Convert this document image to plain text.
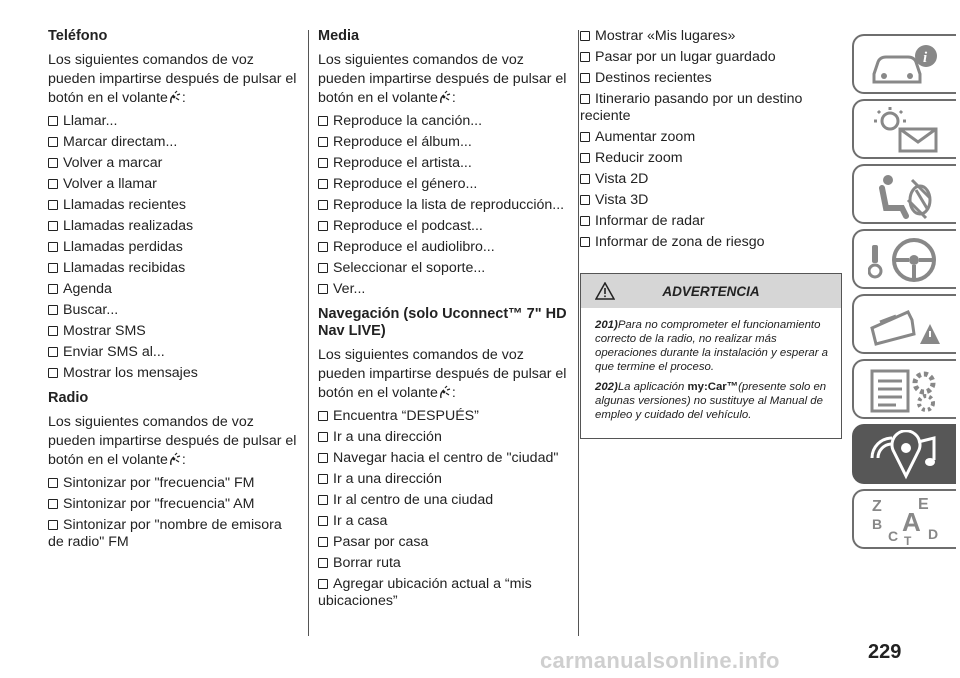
Teléfono

Los siguientes comandos de voz pueden impartirse después de pulsar el botón en el volante :

Llamar...
Marcar directam...
Volver a marcar
Volver a llamar
Llamadas recientes
Llamadas realizadas
Llamadas perdidas
Llamadas recibidas
Agenda
Buscar...
Mostrar SMS
Enviar SMS al...
Mostrar los mensajes
Radio

Los siguientes comandos de voz pueden impartirse después de pulsar el botón en el volante :

Sintonizar por "frecuencia" FM
Sintonizar por "frecuencia" AM
Sintonizar por "nombre de emisora de radio" FM
Media

Los siguientes comandos de voz pueden impartirse después de pulsar el botón en el volante :

Reproduce la canción...
Reproduce el álbum...
Reproduce el artista...
Reproduce el género...
Reproduce la lista de reproducción...
Reproduce el podcast...
Reproduce el audiolibro...
Seleccionar el soporte...
Ver...
Navegación (solo Uconnect™ 7" HD Nav LIVE)

Los siguientes comandos de voz pueden impartirse después de pulsar el botón en el volante :

Encuentra “DESPUÉS”
Ir a una dirección
Navegar hacia el centro de "ciudad"
Ir a una dirección
Ir al centro de una ciudad
Ir a casa
Pasar por casa
Borrar ruta
Agregar ubicación actual a “mis ubicaciones”
Mostrar «Mis lugares»
Pasar por un lugar guardado
Destinos recientes
Itinerario pasando por un destino reciente
Aumentar zoom
Reducir zoom
Vista 2D
Vista 3D
Informar de radar
Informar de zona de riesgo
ADVERTENCIA

201)Para no comprometer el funcionamiento correcto de la radio, no realizar más operaciones durante la instalación y esperar a que termine el proceso.

202)La aplicación my:Car™(presente solo en algunas versiones) no sustituye al Manual de empleo y cuidado del vehículo.

i
Z E
B A
C T D
carmanualsonline.info	229
